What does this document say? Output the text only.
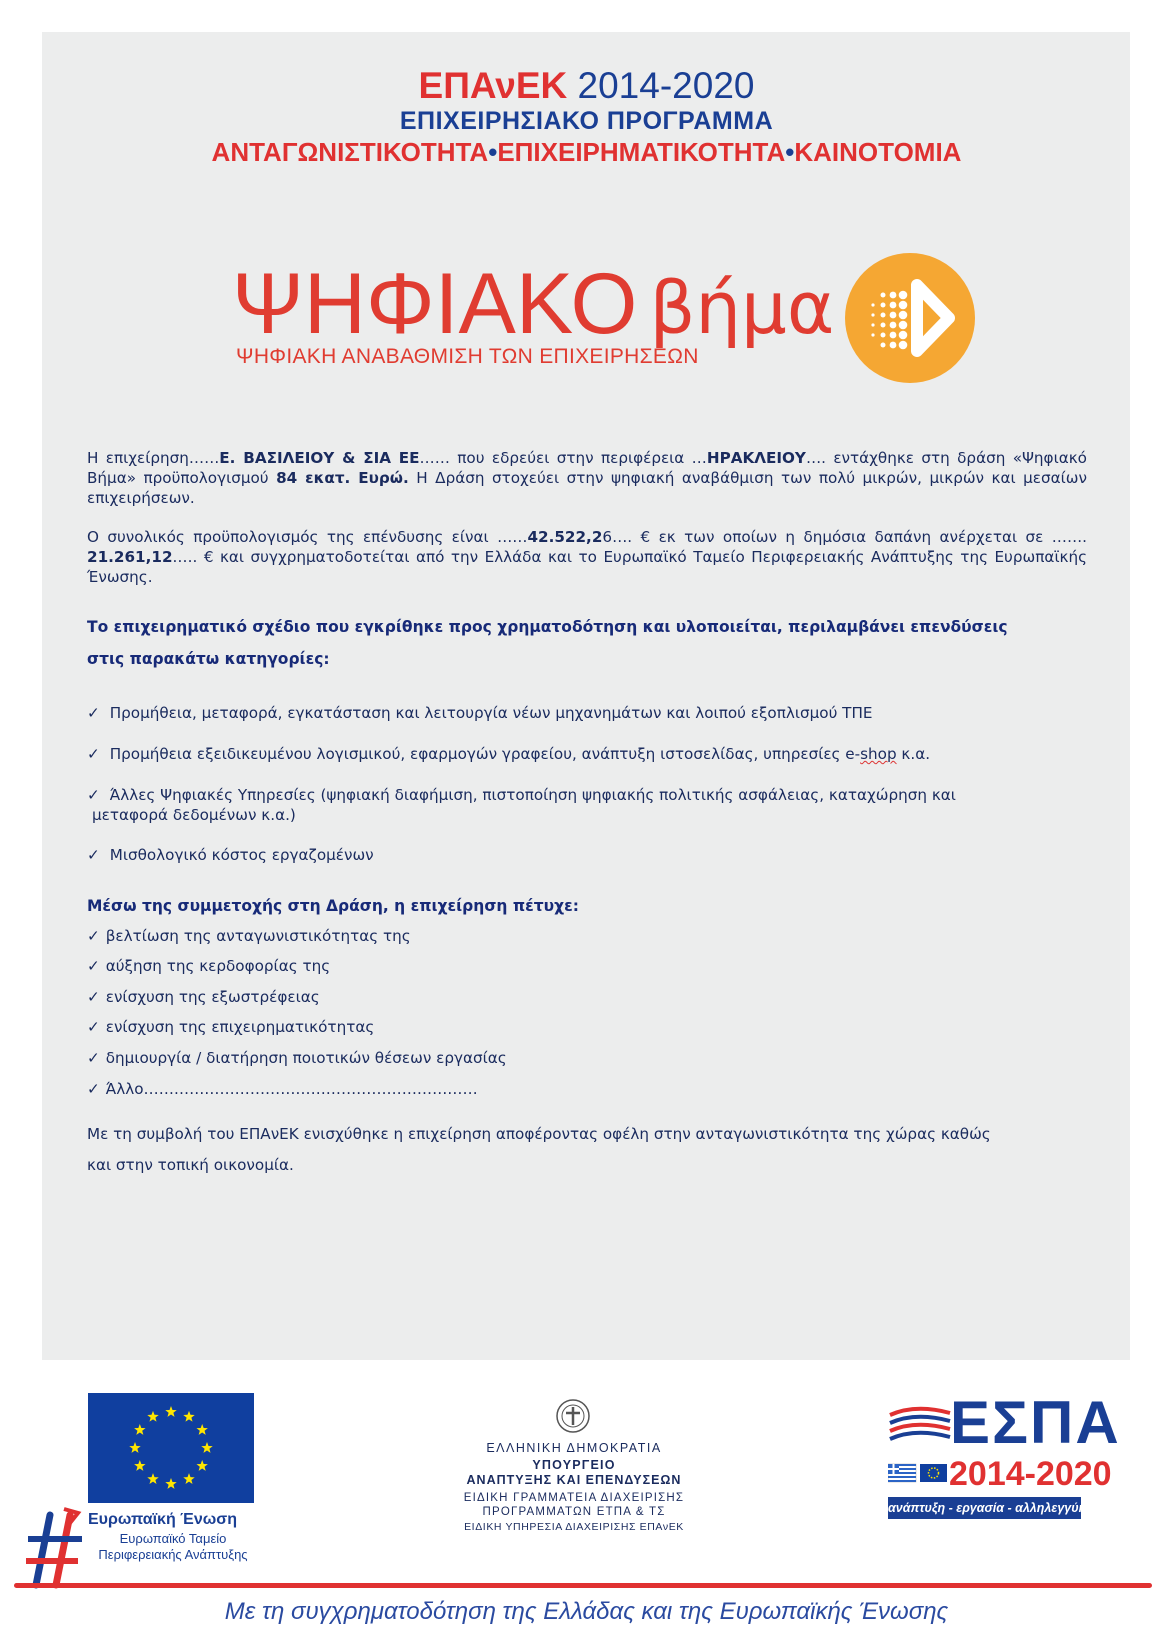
ΕΠΑνΕΚ 2014-2020
ΕΠΙΧΕΙΡΗΣΙΑΚΟ ΠΡΟΓΡΑΜΜΑ
ΑΝΤΑΓΩΝΙΣΤΙΚΟΤΗΤΑ•ΕΠΙΧΕΙΡΗΜΑΤΙΚΟΤΗΤΑ•ΚΑΙΝΟΤΟΜΙΑ
ΨΗΦΙΑΚΟ βήμα
ΨΗΦΙΑΚΗ ΑΝΑΒΑΘΜΙΣΗ ΤΩΝ ΕΠΙΧΕΙΡΗΣΕΩΝ
Η επιχείρηση……Ε. ΒΑΣΙΛΕΙΟΥ & ΣΙΑ ΕΕ…… που εδρεύει στην περιφέρεια …ΗΡΑΚΛΕΙΟΥ…. εντάχθηκε στη δράση «Ψηφιακό Βήμα» προϋπολογισμού 84 εκατ. Ευρώ. Η Δράση στοχεύει στην ψηφιακή αναβάθμιση των πολύ μικρών, μικρών και μεσαίων επιχειρήσεων.
Ο συνολικός προϋπολογισμός της επένδυσης είναι ……42.522,26…. € εκ των οποίων η δημόσια δαπάνη ανέρχεται σε ……. 21.261,12.…. € και συγχρηματοδοτείται από την Ελλάδα και το Ευρωπαϊκό Ταμείο Περιφερειακής Ανάπτυξης της Ευρωπαϊκής Ένωσης.
Το επιχειρηματικό σχέδιο που εγκρίθηκε προς χρηματοδότηση και υλοποιείται, περιλαμβάνει επενδύσεις
στις παρακάτω κατηγορίες:
✓ Προμήθεια, μεταφορά, εγκατάσταση και λειτουργία νέων μηχανημάτων και λοιπού εξοπλισμού ΤΠΕ
✓ Προμήθεια εξειδικευμένου λογισμικού, εφαρμογών γραφείου, ανάπτυξη ιστοσελίδας, υπηρεσίες e-shop κ.α.
✓ Άλλες Ψηφιακές Υπηρεσίες (ψηφιακή διαφήμιση, πιστοποίηση ψηφιακής πολιτικής ασφάλειας, καταχώρηση και
μεταφορά δεδομένων κ.α.)
✓ Μισθολογικό κόστος εργαζομένων
Μέσω της συμμετοχής στη Δράση, η επιχείρηση πέτυχε:
✓ βελτίωση της ανταγωνιστικότητας της
✓ αύξηση της κερδοφορίας της
✓ ενίσχυση της εξωστρέφειας
✓ ενίσχυση της επιχειρηματικότητας
✓ δημιουργία / διατήρηση ποιοτικών θέσεων εργασίας
✓ Άλλο…………………………………………………………
Με τη συμβολή του ΕΠΑνΕΚ ενισχύθηκε η επιχείρηση αποφέροντας οφέλη στην ανταγωνιστικότητα της χώρας καθώς
και στην τοπική οικονομία.
Ευρωπαϊκή Ένωση
Ευρωπαϊκό Ταμείο Περιφερειακής Ανάπτυξης
ΕΛΛΗΝΙΚΗ ΔΗΜΟΚΡΑΤΙΑ
ΥΠΟΥΡΓΕΙΟ
ΑΝΑΠΤΥΞΗΣ ΚΑΙ ΕΠΕΝΔΥΣΕΩΝ
ΕΙΔΙΚΗ ΓΡΑΜΜΑΤΕΙΑ ΔΙΑΧΕΙΡΙΣΗΣ
ΠΡΟΓΡΑΜΜΑΤΩΝ ΕΤΠΑ & ΤΣ
ΕΙΔΙΚΗ ΥΠΗΡΕΣΙΑ ΔΙΑΧΕΙΡΙΣΗΣ ΕΠΑνΕΚ
ΕΣΠΑ
2014-2020
ανάπτυξη - εργασία - αλληλεγγύη
Με τη συγχρηματοδότηση της Ελλάδας και της Ευρωπαϊκής Ένωσης
